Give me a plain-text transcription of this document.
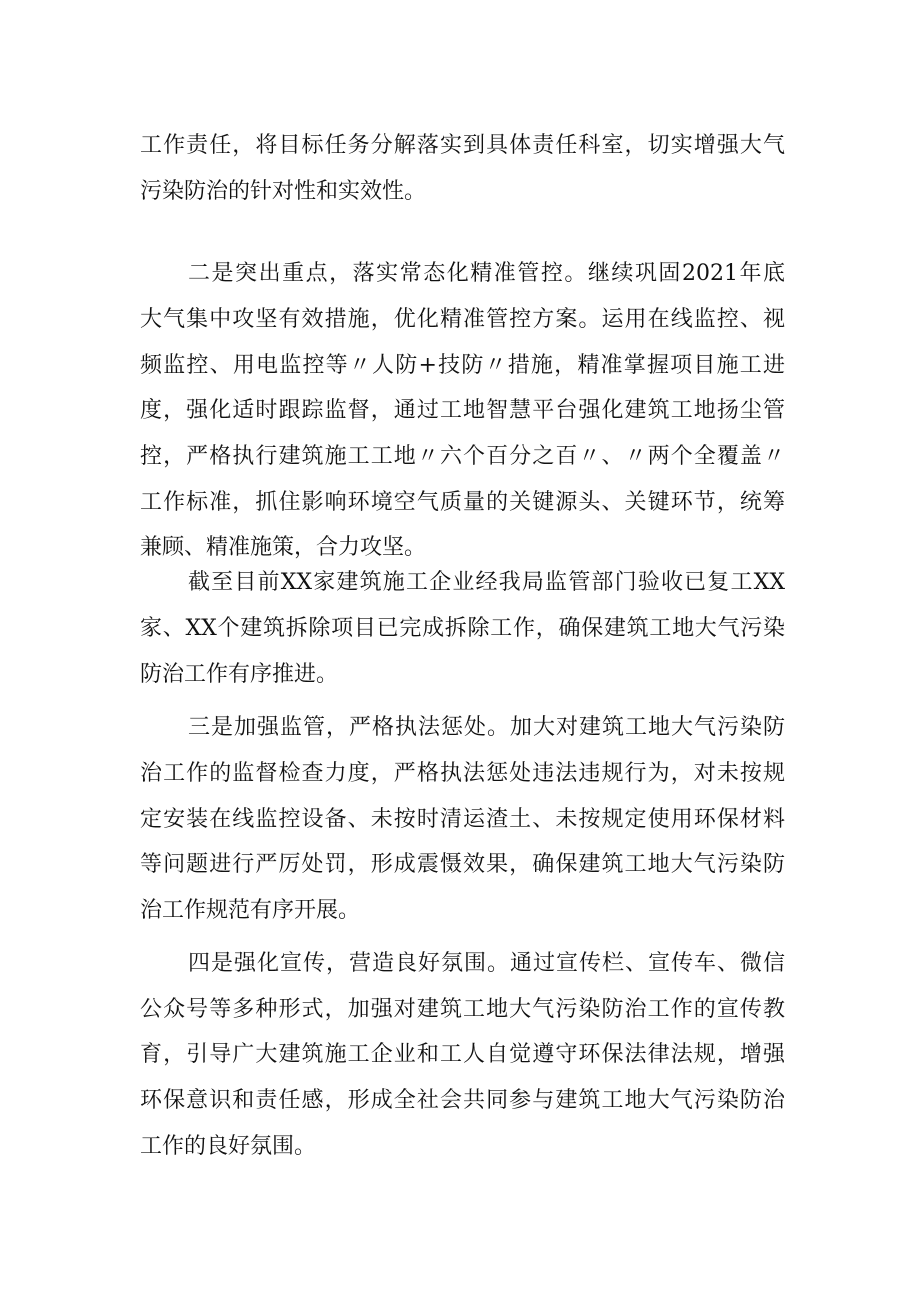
工作责任，将目标任务分解落实到具体责任科室，切实增强大气
污染防治的针对性和实效性。
二是突出重点，落实常态化精准管控。继续巩固2021年底
大气集中攻坚有效措施，优化精准管控方案。运用在线监控、视
频监控、用电监控等〃人防+技防〃措施，精准掌握项目施工进
度，强化适时跟踪监督，通过工地智慧平台强化建筑工地扬尘管
控，严格执行建筑施工工地〃六个百分之百〃、〃两个全覆盖〃
工作标准，抓住影响环境空气质量的关键源头、关键环节，统筹
兼顾、精准施策，合力攻坚。
截至目前XX家建筑施工企业经我局监管部门验收已复工XX
家、XX个建筑拆除项目已完成拆除工作，确保建筑工地大气污染
防治工作有序推进。
三是加强监管，严格执法惩处。加大对建筑工地大气污染防
治工作的监督检查力度，严格执法惩处违法违规行为，对未按规
定安装在线监控设备、未按时清运渣土、未按规定使用环保材料
等问题进行严厉处罚，形成震慑效果，确保建筑工地大气污染防
治工作规范有序开展。
四是强化宣传，营造良好氛围。通过宣传栏、宣传车、微信
公众号等多种形式，加强对建筑工地大气污染防治工作的宣传教
育，引导广大建筑施工企业和工人自觉遵守环保法律法规，增强
环保意识和责任感，形成全社会共同参与建筑工地大气污染防治
工作的良好氛围。
